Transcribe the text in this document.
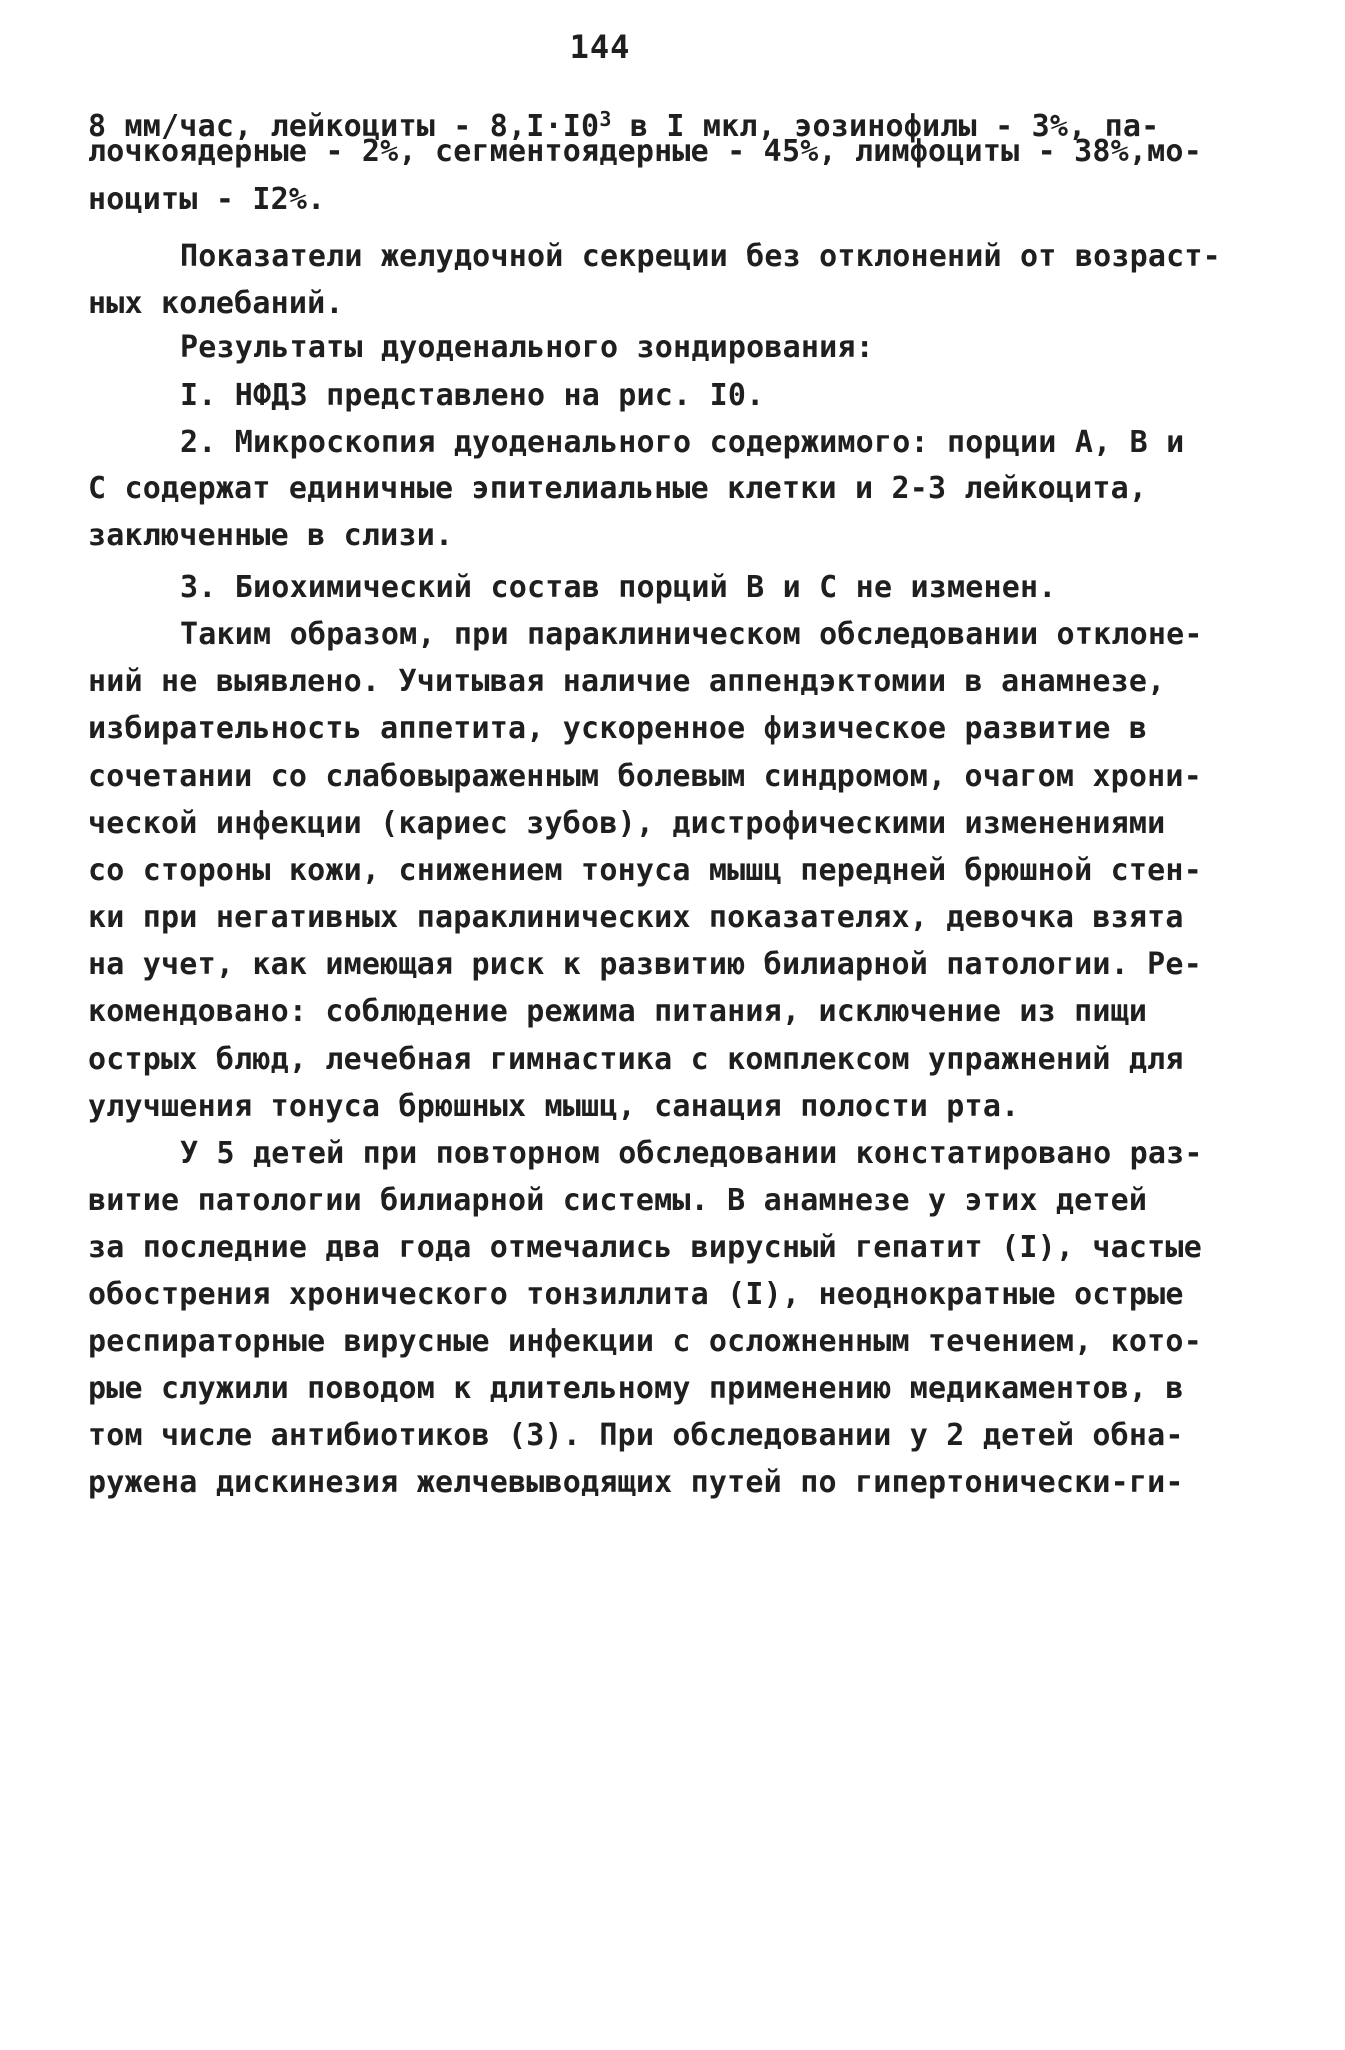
144
8 мм/час, лейкоциты - $8,I\cdot I0^3$ в I мкл, эозинофилы - 3%, па-
лочкоядерные - 2%, сегментоядерные - 45%, лимфоциты - 38%,мо-
ноциты - I2%.
Показатели желудочной секреции без отклонений от возраст-
ных колебаний.
Результаты дуоденального зондирования:
I. НФДЗ представлено на рис. I0.
2. Микроскопия дуоденального содержимого: порции А, В и
С содержат единичные эпителиальные клетки и 2-3 лейкоцита,
заключенные в слизи.
3. Биохимический состав порций В и С не изменен.
Таким образом, при параклиническом обследовании отклоне-
ний не выявлено. Учитывая наличие аппендэктомии в анамнезе,
избирательность аппетита, ускоренное физическое развитие в
сочетании со слабовыраженным болевым синдромом, очагом хрони-
ческой инфекции (кариес зубов), дистрофическими изменениями
со стороны кожи, снижением тонуса мышц передней брюшной стен-
ки при негативных параклинических показателях, девочка взята
на учет, как имеющая риск к развитию билиарной патологии. Ре-
комендовано: соблюдение режима питания, исключение из пищи
острых блюд, лечебная гимнастика с комплексом упражнений для
улучшения тонуса брюшных мышц, санация полости рта.
У 5 детей при повторном обследовании констатировано раз-
витие патологии билиарной системы. В анамнезе у этих детей
за последние два года отмечались вирусный гепатит (I), частые
обострения хронического тонзиллита (I), неоднократные острые
респираторные вирусные инфекции с осложненным течением, кото-
рые служили поводом к длительному применению медикаментов, в
том числе антибиотиков (3). При обследовании у 2 детей обна-
ружена дискинезия желчевыводящих путей по гипертонически-ги-
